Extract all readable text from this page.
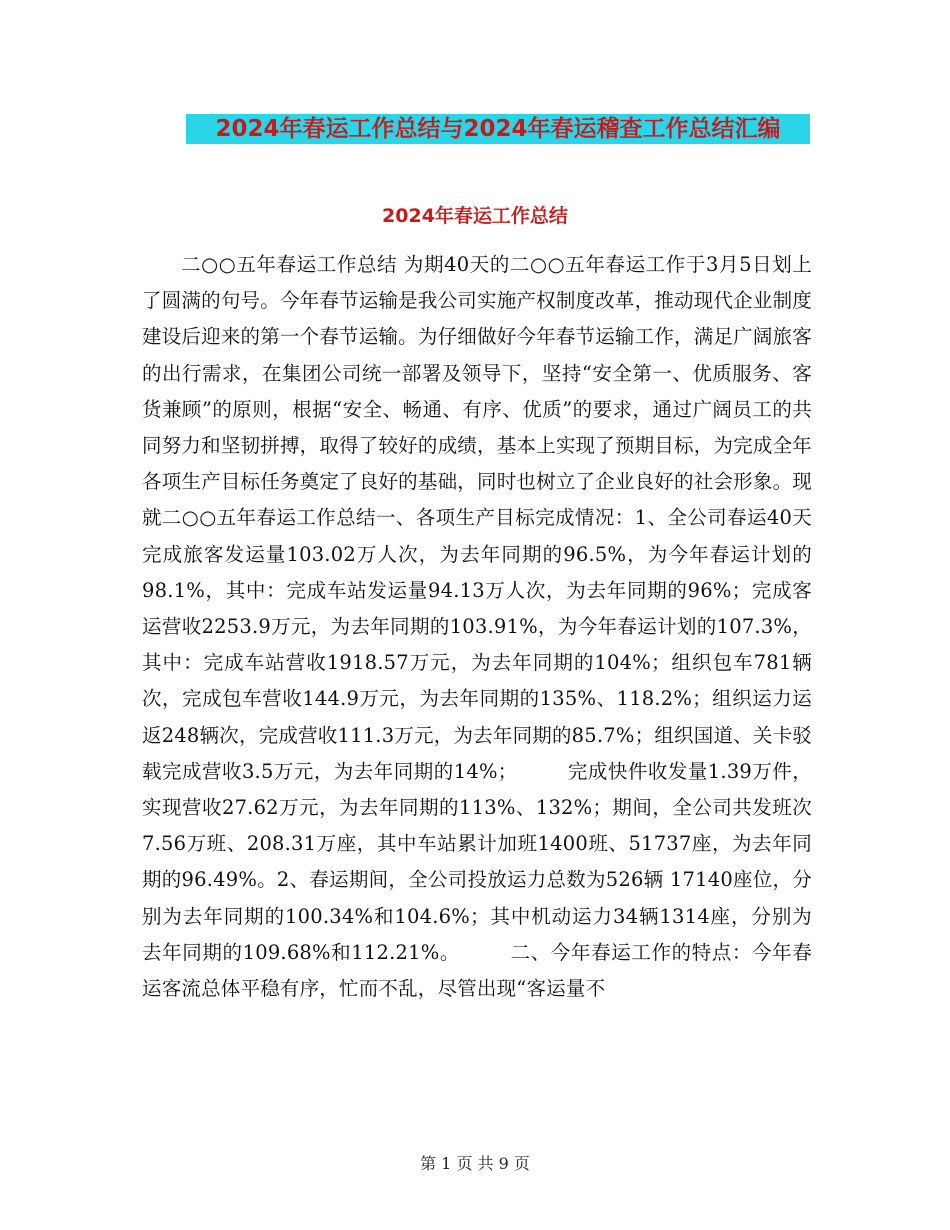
2024年春运工作总结与2024年春运稽查工作总结汇编
2024年春运工作总结

二○○五年春运工作总结 为期40天的二○○五年春运工作于3月5日划上了圆满的句号。今年春节运输是我公司实施产权制度改革，推动现代企业制度建设后迎来的第一个春节运输。为仔细做好今年春节运输工作，满足广阔旅客的出行需求，在集团公司统一部署及领导下，坚持“安全第一、优质服务、客货兼顾”的原则，根据“安全、畅通、有序、优质”的要求，通过广阔员工的共同努力和坚韧拼搏，取得了较好的成绩，基本上实现了预期目标，为完成全年各项生产目标任务奠定了良好的基础，同时也树立了企业良好的社会形象。现就二○○五年春运工作总结一、各项生产目标完成情况：1、全公司春运40天完成旅客发运量103.02万人次，为去年同期的96.5%，为今年春运计划的98.1%，其中：完成车站发运量94.13万人次，为去年同期的96%；完成客运营收2253.9万元，为去年同期的103.91%，为今年春运计划的107.3%，其中：完成车站营收1918.57万元，为去年同期的104%；组织包车781辆次，完成包车营收144.9万元，为去年同期的135%、118.2%；组织运力运返248辆次，完成营收111.3万元，为去年同期的85.7%；组织国道、关卡驳载完成营收3.5万元，为去年同期的14%；　　　完成快件收发量1.39万件，实现营收27.62万元，为去年同期的113%、132%；期间，全公司共发班次7.56万班、208.31万座，其中车站累计加班1400班、51737座，为去年同期的96.49%。2、春运期间，全公司投放运力总数为526辆 17140座位，分别为去年同期的100.34%和104.6%；其中机动运力34辆1314座，分别为去年同期的109.68%和112.21%。　　　二、今年春运工作的特点：今年春运客流总体平稳有序，忙而不乱，尽管出现“客运量不

第 1 页 共 9 页
